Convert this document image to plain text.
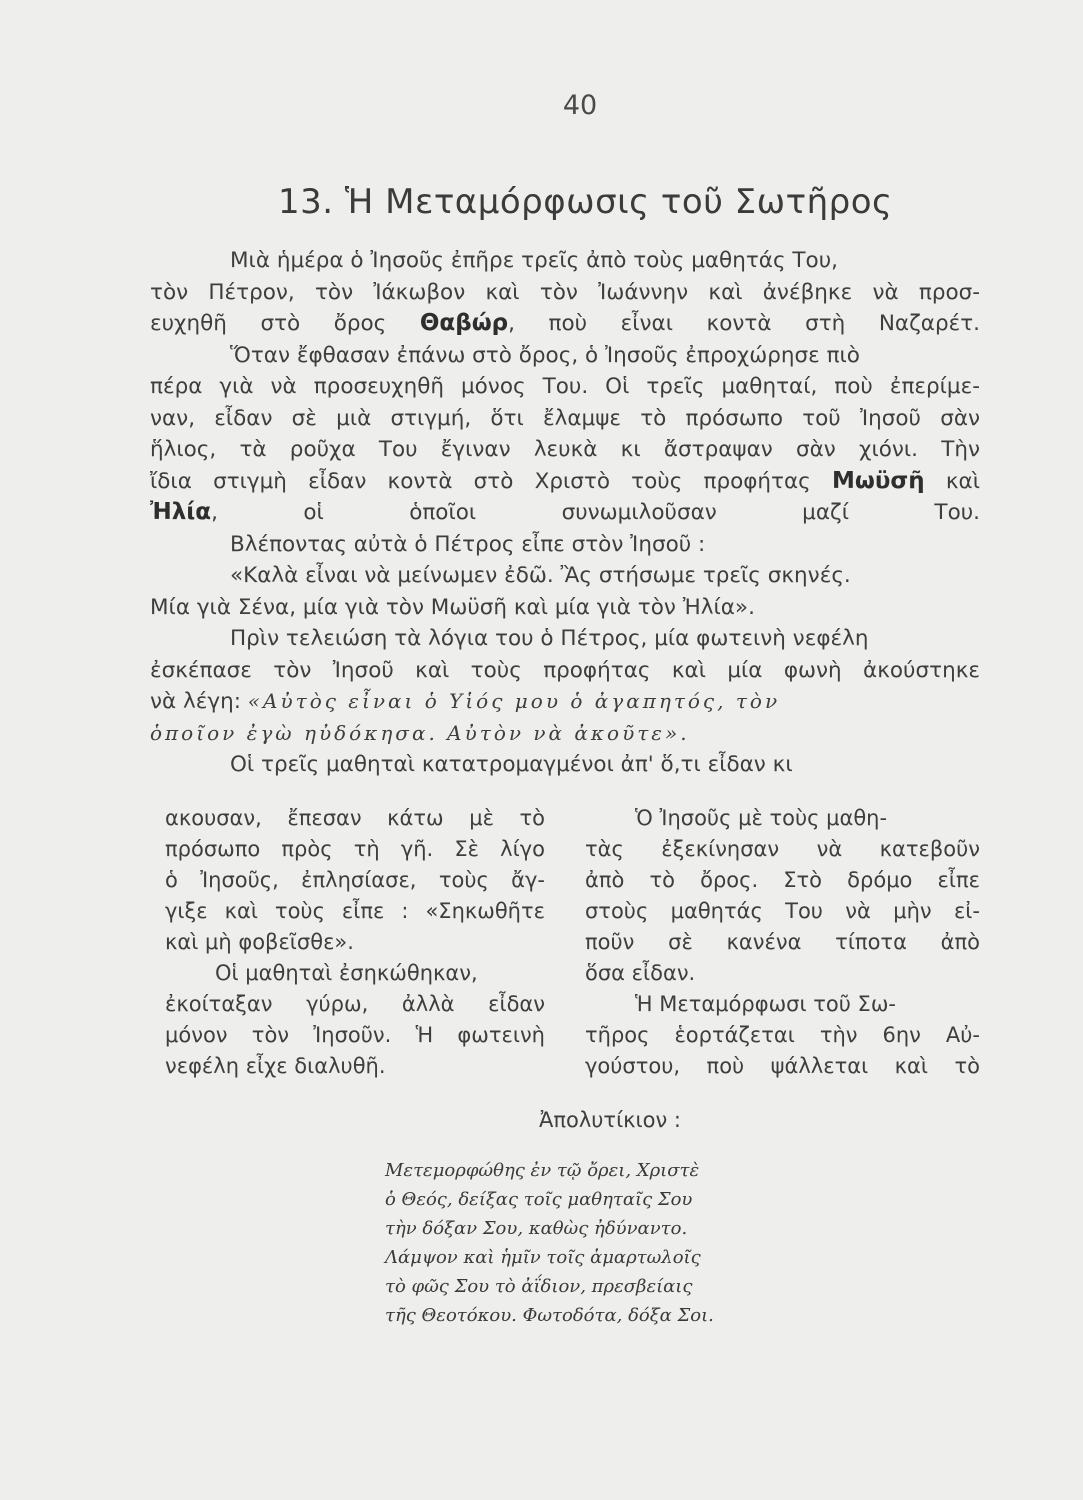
40
13. Ἡ Μεταμόρφωσις τοῦ Σωτῆρος
Μιὰ ἡμέρα ὁ Ἰησοῦς ἐπῆρε τρεῖς ἀπὸ τοὺς μαθητάς Του,
τὸν Πέτρον, τὸν Ἰάκωβον καὶ τὸν Ἰωάννην καὶ ἀνέβηκε νὰ προσ-
ευχηθῆ στὸ ὄρος Θαβώρ, ποὺ εἶναι κοντὰ στὴ Ναζαρέτ.
Ὅταν ἔφθασαν ἐπάνω στὸ ὄρος, ὁ Ἰησοῦς ἐπροχώρησε πιὸ
πέρα γιὰ νὰ προσευχηθῆ μόνος Του. Οἱ τρεῖς μαθηταί, ποὺ ἐπερίμε-
ναν, εἶδαν σὲ μιὰ στιγμή, ὅτι ἔλαμψε τὸ πρόσωπο τοῦ Ἰησοῦ σὰν
ἥλιος, τὰ ροῦχα Του ἔγιναν λευκὰ κι ἄστραψαν σὰν χιόνι. Τὴν
ἴδια στιγμὴ εἶδαν κοντὰ στὸ Χριστὸ τοὺς προφήτας Μωϋσῆ καὶ
Ἠλία, οἱ ὁποῖοι συνωμιλοῦσαν μαζί Του.
Βλέποντας αὐτὰ ὁ Πέτρος εἶπε στὸν Ἰησοῦ :
«Καλὰ εἶναι νὰ μείνωμεν ἐδῶ. Ἂς στήσωμε τρεῖς σκηνές.
Μία γιὰ Σένα, μία γιὰ τὸν Μωϋσῆ καὶ μία γιὰ τὸν Ἠλία».
Πρὶν τελειώση τὰ λόγια του ὁ Πέτρος, μία φωτεινὴ νεφέλη
ἐσκέπασε τὸν Ἰησοῦ καὶ τοὺς προφήτας καὶ μία φωνὴ ἀκούστηκε
νὰ λέγη: «Αὐτὸς εἶναι ὁ Υἱός μου ὁ ἀγαπητός, τὸν
ὁποῖον ἐγὼ ηὐδόκησα. Αὐτὸν νὰ ἀκοῦτε».
Οἱ τρεῖς μαθηταὶ κατατρομαγμένοι ἀπ' ὅ,τι εἶδαν κι
ακουσαν, ἔπεσαν κάτω μὲ τὸ
πρόσωπο πρὸς τὴ γῆ. Σὲ λίγο
ὁ Ἰησοῦς, ἐπλησίασε, τοὺς ἄγ-
γιξε καὶ τοὺς εἶπε : «Σηκωθῆτε
καὶ μὴ φοβεῖσθε».
Οἱ μαθηταὶ ἐσηκώθηκαν,
ἐκοίταξαν γύρω, ἀλλὰ εἶδαν
μόνον τὸν Ἰησοῦν. Ἡ φωτεινὴ
νεφέλη εἶχε διαλυθῆ.
Ὁ Ἰησοῦς μὲ τοὺς μαθη-
τὰς ἐξεκίνησαν νὰ κατεβοῦν
ἀπὸ τὸ ὄρος. Στὸ δρόμο εἶπε
στοὺς μαθητάς Του νὰ μὴν εἰ-
ποῦν σὲ κανένα τίποτα ἀπὸ
ὅσα εἶδαν.
Ἡ Μεταμόρφωσι τοῦ Σω-
τῆρος ἑορτάζεται τὴν 6ην Αὐ-
γούστου, ποὺ ψάλλεται καὶ τὸ
Ἀπολυτίκιον :
Μετεμορφώθης ἐν τῷ ὄρει, Χριστὲ
ὁ Θεός, δείξας τοῖς μαθηταῖς Σου
τὴν δόξαν Σου, καθὼς ἠδύναντο.
Λάμψον καὶ ἡμῖν τοῖς ἁμαρτωλοῖς
τὸ φῶς Σου τὸ ἀΐδιον, πρεσβείαις
τῆς Θεοτόκου. Φωτοδότα, δόξα Σοι.
